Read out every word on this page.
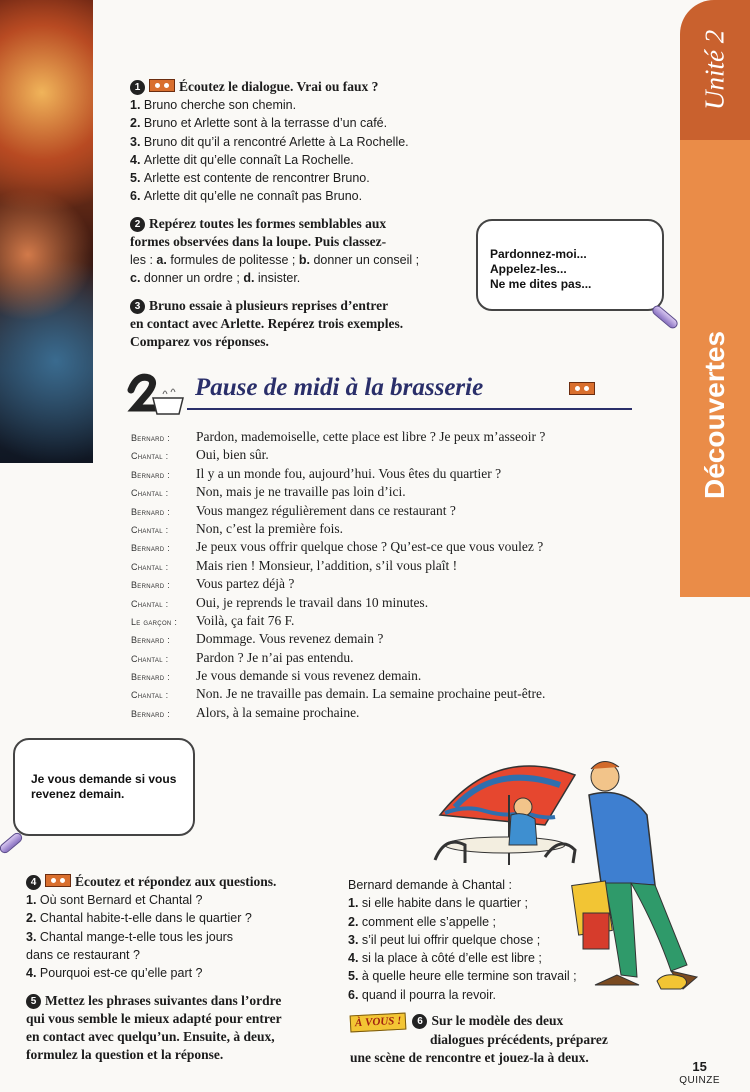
Unité 2
Découvertes
1	Écoutez le dialogue. Vrai ou faux ?
1. Bruno cherche son chemin.
2. Bruno et Arlette sont à la terrasse d’un café.
3. Bruno dit qu’il a rencontré Arlette à La Rochelle.
4. Arlette dit qu’elle connaît La Rochelle.
5. Arlette est contente de rencontrer Bruno.
6. Arlette dit qu’elle ne connaît pas Bruno.
2 Repérez toutes les formes semblables aux
formes observées dans la loupe. Puis classez-
les : a. formules de politesse ; b. donner un conseil ;
c. donner un ordre ; d. insister.
3 Bruno essaie à plusieurs reprises d’entrer
en contact avec Arlette. Repérez trois exemples.
Comparez vos réponses.
Pardonnez-moi...
Appelez-les...
Ne me dites pas...
Pause de midi à la brasserie
Bernard :	Pardon, mademoiselle, cette place est libre ? Je peux m’asseoir ?
Chantal :	Oui, bien sûr.
Bernard :	Il y a un monde fou, aujourd’hui. Vous êtes du quartier ?
Chantal :	Non, mais je ne travaille pas loin d’ici.
Bernard :	Vous mangez régulièrement dans ce restaurant ?
Chantal :	Non, c’est la première fois.
Bernard :	Je peux vous offrir quelque chose ? Qu’est-ce que vous voulez ?
Chantal :	Mais rien ! Monsieur, l’addition, s’il vous plaît !
Bernard :	Vous partez déjà ?
Chantal :	Oui, je reprends le travail dans 10 minutes.
Le garçon :	Voilà, ça fait 76 F.
Bernard :	Dommage. Vous revenez demain ?
Chantal :	Pardon ? Je n’ai pas entendu.
Bernard :	Je vous demande si vous revenez demain.
Chantal :	Non. Je ne travaille pas demain. La semaine prochaine peut-être.
Bernard :	Alors, à la semaine prochaine.
Je vous demande si vous
revenez demain.
4	Écoutez et répondez aux questions.
1. Où sont Bernard et Chantal ?
2. Chantal habite-t-elle dans le quartier ?
3. Chantal mange-t-elle tous les jours
dans ce restaurant ?
4. Pourquoi est-ce qu’elle part ?
5 Mettez les phrases suivantes dans l’ordre
qui vous semble le mieux adapté pour entrer
en contact avec quelqu’un. Ensuite, à deux,
formulez la question et la réponse.
Bernard demande à Chantal :
1. si elle habite dans le quartier ;
2. comment elle s’appelle ;
3. s’il peut lui offrir quelque chose ;
4. si la place à côté d’elle est libre ;
5. à quelle heure elle termine son travail ;
6. quand il pourra la revoir.
À VOUS ! 6 Sur le modèle des deux
dialogues précédents, préparez
une scène de rencontre et jouez-la à deux.
15
QUINZE
